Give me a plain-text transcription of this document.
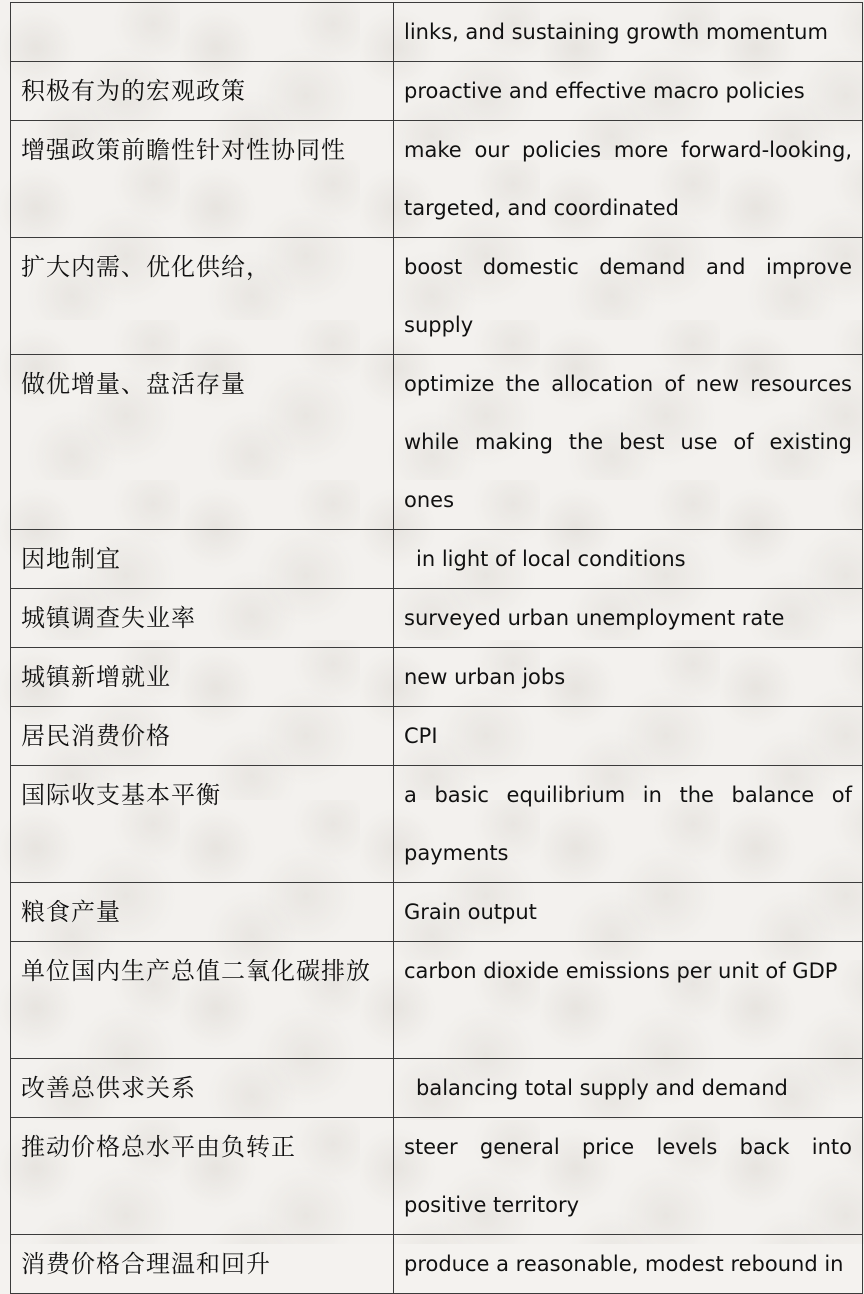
	links, and sustaining growth momentum
积极有为的宏观政策	proactive and effective macro policies
增强政策前瞻性针对性协同性	make our policies more forward-looking, targeted, and coordinated
扩大内需、优化供给，	boost domestic demand and improve supply
做优增量、盘活存量	optimize the allocation of new resources while making the best use of existing ones
因地制宜	in light of local conditions
城镇调查失业率	surveyed urban unemployment rate
城镇新增就业	new urban jobs
居民消费价格	CPI
国际收支基本平衡	a basic equilibrium in the balance of payments
粮食产量	Grain output
单位国内生产总值二氧化碳排放	carbon dioxide emissions per unit of GDP
改善总供求关系	balancing total supply and demand
推动价格总水平由负转正	steer general price levels back into positive territory
消费价格合理温和回升	produce a reasonable, modest rebound in
